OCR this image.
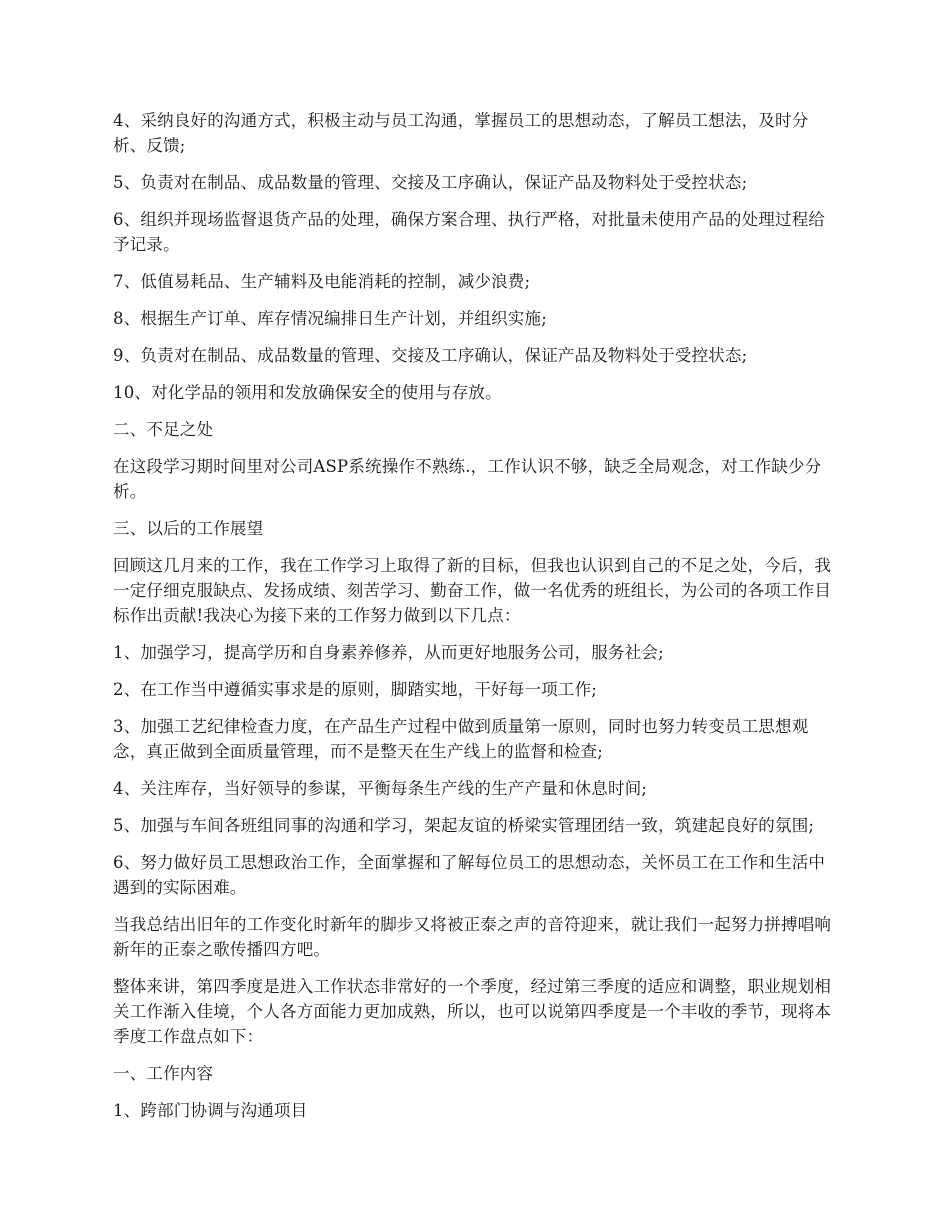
4、采纳良好的沟通方式，积极主动与员工沟通，掌握员工的思想动态，了解员工想法，及时分析、反馈;

5、负责对在制品、成品数量的管理、交接及工序确认，保证产品及物料处于受控状态;

6、组织并现场监督退货产品的处理，确保方案合理、执行严格，对批量未使用产品的处理过程给予记录。

7、低值易耗品、生产辅料及电能消耗的控制，减少浪费;

8、根据生产订单、库存情况编排日生产计划，并组织实施;

9、负责对在制品、成品数量的管理、交接及工序确认，保证产品及物料处于受控状态;

10、对化学品的领用和发放确保安全的使用与存放。

二、不足之处

在这段学习期时间里对公司ASP系统操作不熟练.，工作认识不够，缺乏全局观念，对工作缺少分析。

三、以后的工作展望

回顾这几月来的工作，我在工作学习上取得了新的目标，但我也认识到自己的不足之处，今后，我一定仔细克服缺点、发扬成绩、刻苦学习、勤奋工作，做一名优秀的班组长，为公司的各项工作目标作出贡献!我决心为接下来的工作努力做到以下几点：

1、加强学习，提高学历和自身素养修养，从而更好地服务公司，服务社会;

2、在工作当中遵循实事求是的原则，脚踏实地，干好每一项工作;

3、加强工艺纪律检查力度，在产品生产过程中做到质量第一原则，同时也努力转变员工思想观念，真正做到全面质量管理，而不是整天在生产线上的监督和检查;

4、关注库存，当好领导的参谋，平衡每条生产线的生产产量和休息时间;

5、加强与车间各班组同事的沟通和学习，架起友谊的桥梁实管理团结一致，筑建起良好的氛围;

6、努力做好员工思想政治工作，全面掌握和了解每位员工的思想动态，关怀员工在工作和生活中遇到的实际困难。

当我总结出旧年的工作变化时新年的脚步又将被正泰之声的音符迎来，就让我们一起努力拼搏唱响新年的正泰之歌传播四方吧。

整体来讲，第四季度是进入工作状态非常好的一个季度，经过第三季度的适应和调整，职业规划相关工作渐入佳境，个人各方面能力更加成熟，所以，也可以说第四季度是一个丰收的季节，现将本季度工作盘点如下：

一、工作内容

1、跨部门协调与沟通项目
